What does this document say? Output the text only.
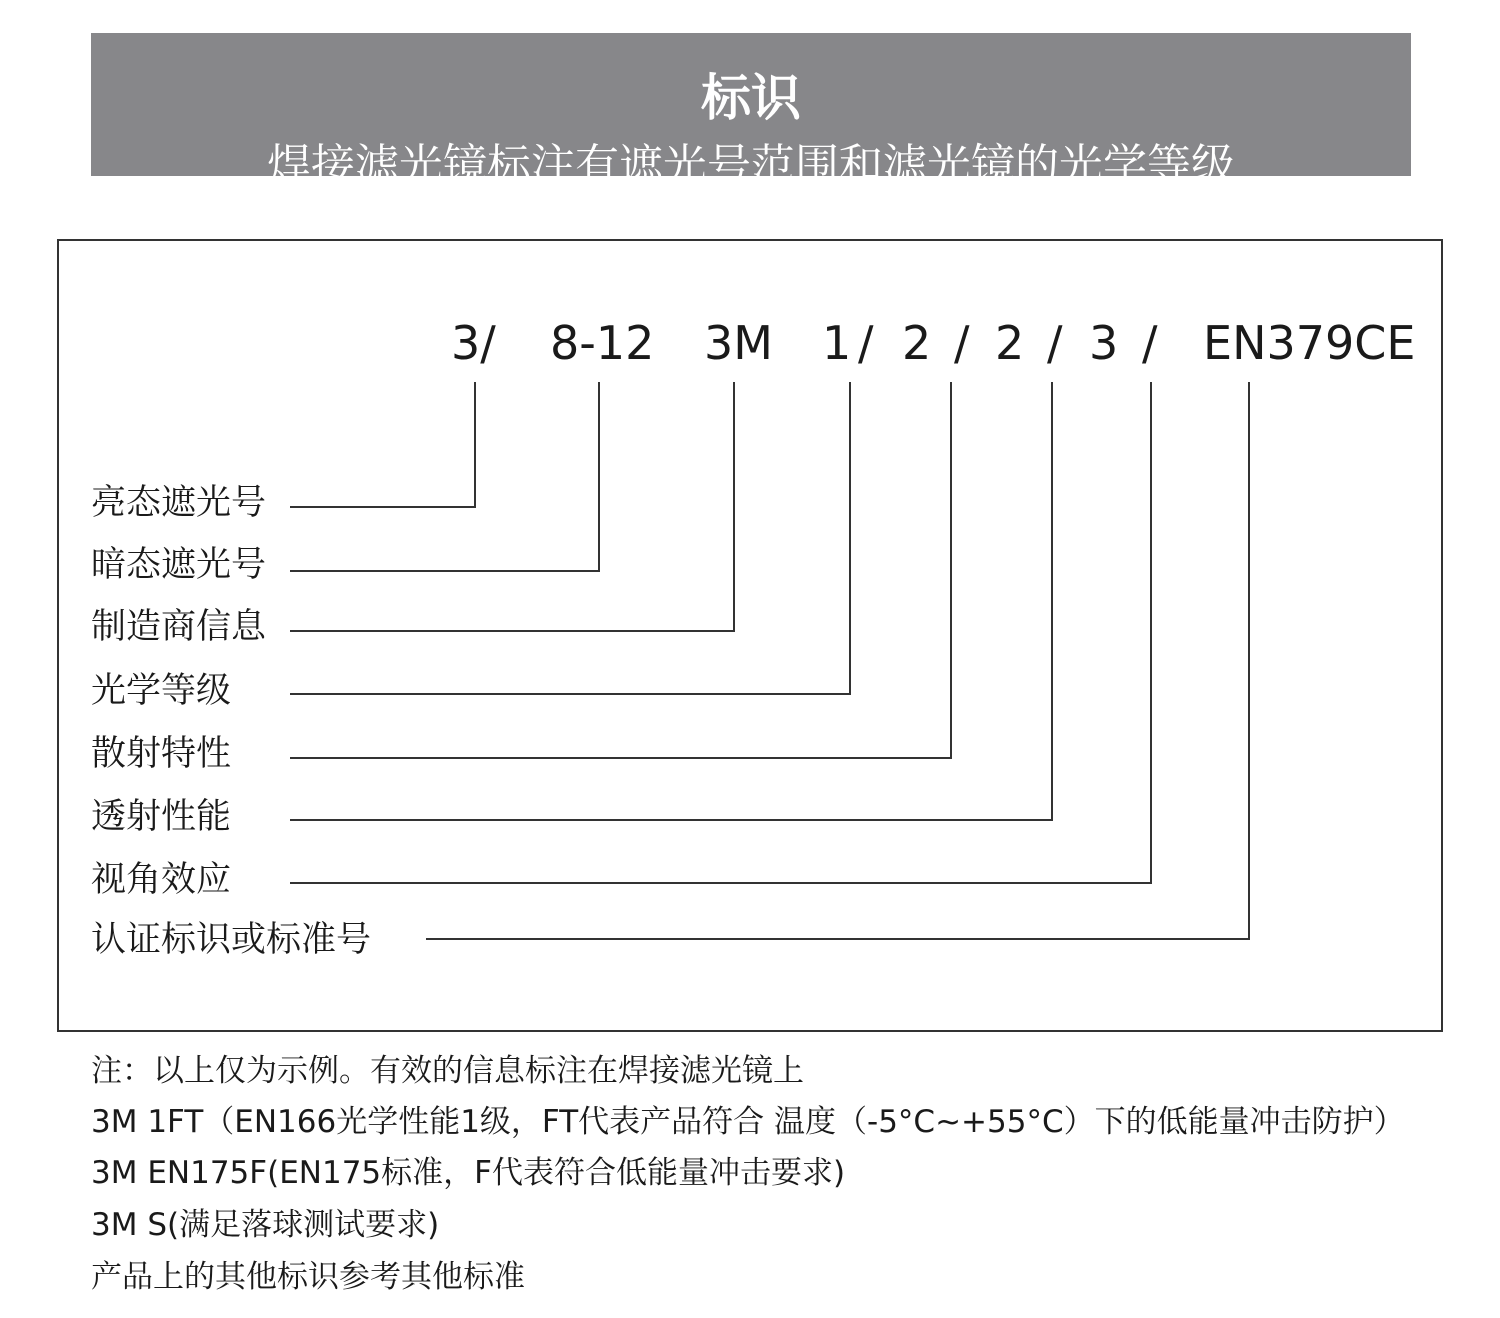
标识
焊接滤光镜标注有遮光号范围和滤光镜的光学等级
3/ 8-12 3M 1 / 2 / 2 / 3 / EN379CE
亮态遮光号
暗态遮光号
制造商信息
光学等级
散射特性
透射性能
视角效应
认证标识或标准号
注：以上仅为示例。有效的信息标注在焊接滤光镜上
3M 1FT（EN166光学性能1级，FT代表产品符合 温度（-5°C~+55°C）下的低能量冲击防护）
3M EN175F(EN175标准，F代表符合低能量冲击要求)
3M S(满足落球测试要求)
产品上的其他标识参考其他标准
